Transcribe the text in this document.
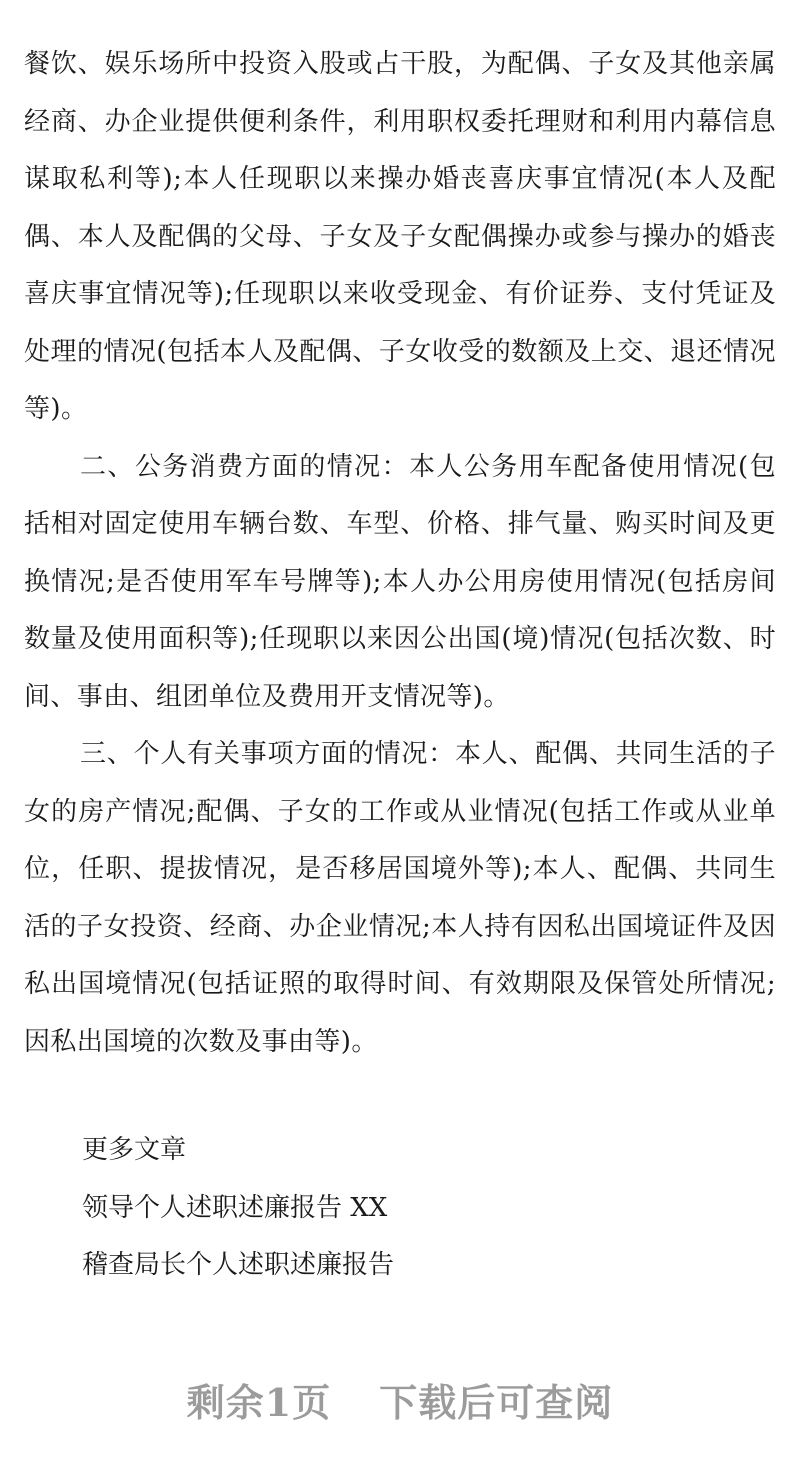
餐饮、娱乐场所中投资入股或占干股，为配偶、子女及其他亲属经商、办企业提供便利条件，利用职权委托理财和利用内幕信息谋取私利等);本人任现职以来操办婚丧喜庆事宜情况(本人及配偶、本人及配偶的父母、子女及子女配偶操办或参与操办的婚丧喜庆事宜情况等);任现职以来收受现金、有价证券、支付凭证及处理的情况(包括本人及配偶、子女收受的数额及上交、退还情况等)。

二、公务消费方面的情况：本人公务用车配备使用情况(包括相对固定使用车辆台数、车型、价格、排气量、购买时间及更换情况;是否使用军车号牌等);本人办公用房使用情况(包括房间数量及使用面积等);任现职以来因公出国(境)情况(包括次数、时间、事由、组团单位及费用开支情况等)。

三、个人有关事项方面的情况：本人、配偶、共同生活的子女的房产情况;配偶、子女的工作或从业情况(包括工作或从业单位，任职、提拔情况，是否移居国境外等);本人、配偶、共同生活的子女投资、经商、办企业情况;本人持有因私出国境证件及因私出国境情况(包括证照的取得时间、有效期限及保管处所情况;因私出国境的次数及事由等)。

更多文章

领导个人述职述廉报告 XX

稽查局长个人述职述廉报告

剩余1页 下载后可查阅
